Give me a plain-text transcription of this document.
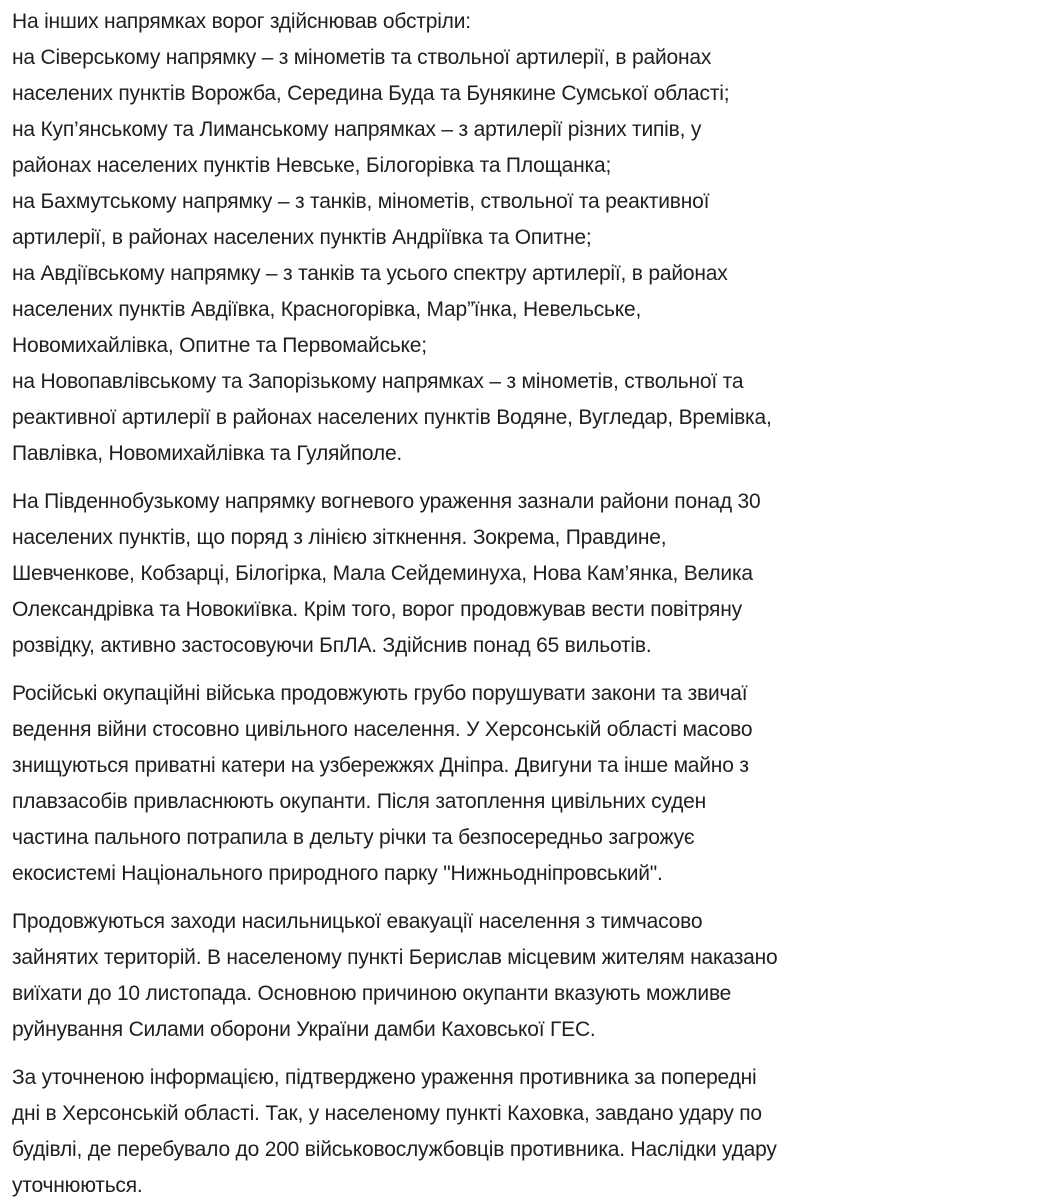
На інших напрямках ворог здійснював обстріли:
на Сіверському напрямку – з мінометів та ствольної артилерії, в районах
населених пунктів Ворожба, Середина Буда та Бунякине Сумської області;
на Куп’янському та Лиманському напрямках – з артилерії різних типів, у
районах населених пунктів Невське, Білогорівка та Площанка;
на Бахмутському напрямку – з танків, мінометів, ствольної та реактивної
артилерії, в районах населених пунктів Андріївка та Опитне;
на Авдіївському напрямку – з танків та усього спектру артилерії, в районах
населених пунктів Авдіївка, Красногорівка, Мар”їнка, Невельське,
Новомихайлівка, Опитне та Первомайське;
на Новопавлівському та Запорізькому напрямках – з мінометів, ствольної та
реактивної артилерії в районах населених пунктів Водяне, Вугледар, Времівка,
Павлівка, Новомихайлівка та Гуляйполе.
На Південнобузькому напрямку вогневого ураження зазнали райони понад 30
населених пунктів, що поряд з лінією зіткнення. Зокрема, Правдине,
Шевченкове, Кобзарці, Білогірка, Мала Сейдеминуха, Нова Кам’янка, Велика
Олександрівка та Новокиївка. Крім того, ворог продовжував вести повітряну
розвідку, активно застосовуючи БпЛА. Здійснив понад 65 вильотів.
Російські окупаційні війська продовжують грубо порушувати закони та звичаї
ведення війни стосовно цивільного населення. У Херсонській області масово
знищуються приватні катери на узбережжях Дніпра. Двигуни та інше майно з
плавзасобів привласнюють окупанти. Після затоплення цивільних суден
частина пального потрапила в дельту річки та безпосередньо загрожує
екосистемі Національного природного парку "Нижньодніпровський".
Продовжуються заходи насильницької евакуації населення з тимчасово
зайнятих територій. В населеному пункті Берислав місцевим жителям наказано
виїхати до 10 листопада. Основною причиною окупанти вказують можливе
руйнування Силами оборони України дамби Каховської ГЕС.
За уточненою інформацією, підтверджено ураження противника за попередні
дні в Херсонській області. Так, у населеному пункті Каховка, завдано удару по
будівлі, де перебувало до 200 військовослужбовців противника. Наслідки удару
уточнюються.
